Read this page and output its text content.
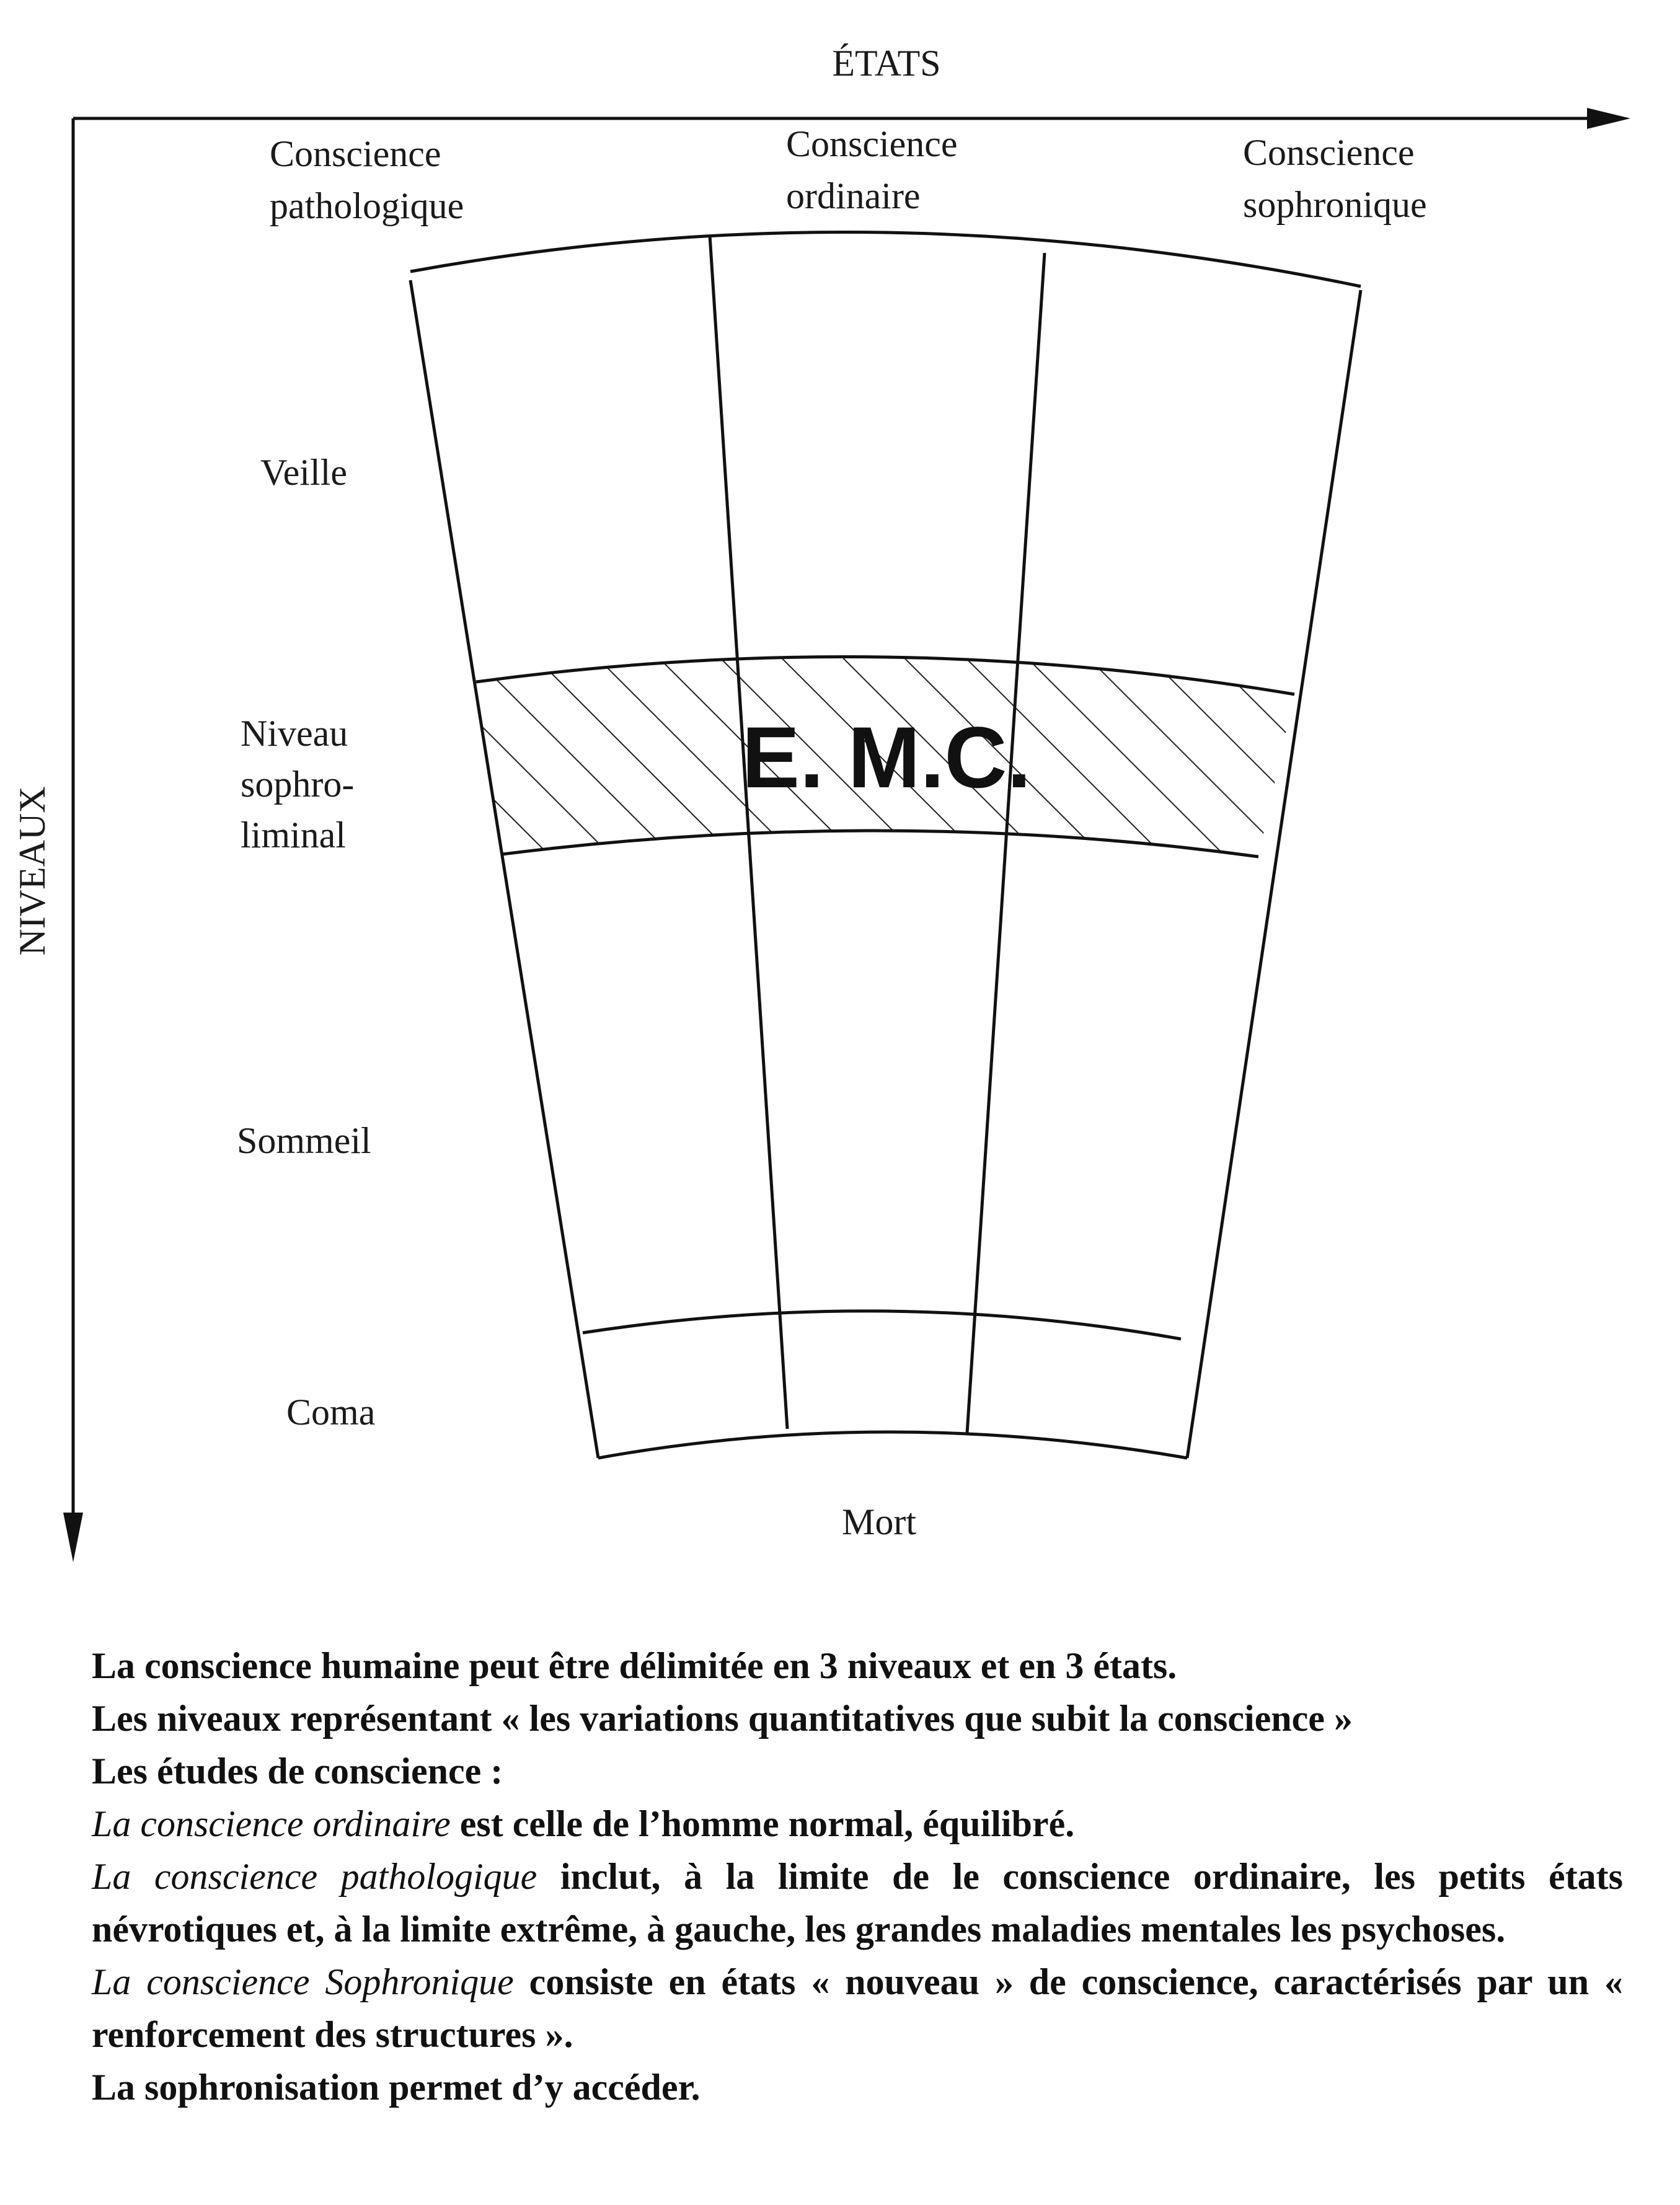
E. M.C.
ÉTATS
NIVEAUX
Conscience
pathologique
Conscience
ordinaire
Conscience
sophronique
Veille
Niveau
sophro-
liminal
Sommeil
Coma
Mort

La conscience humaine peut être délimitée en 3 niveaux et en 3 états.

Les niveaux représentant « les variations quantitatives que subit la conscience »

Les études de conscience :

La conscience ordinaire est celle de l’homme normal, équilibré.

La conscience pathologique inclut, à la limite de le conscience ordinaire, les petits états névrotiques et, à la limite extrême, à gauche, les grandes maladies mentales les psychoses.

La conscience Sophronique consiste en états « nouveau » de conscience, caractérisés par un « renforcement des structures ».

La sophronisation permet d’y accéder.
